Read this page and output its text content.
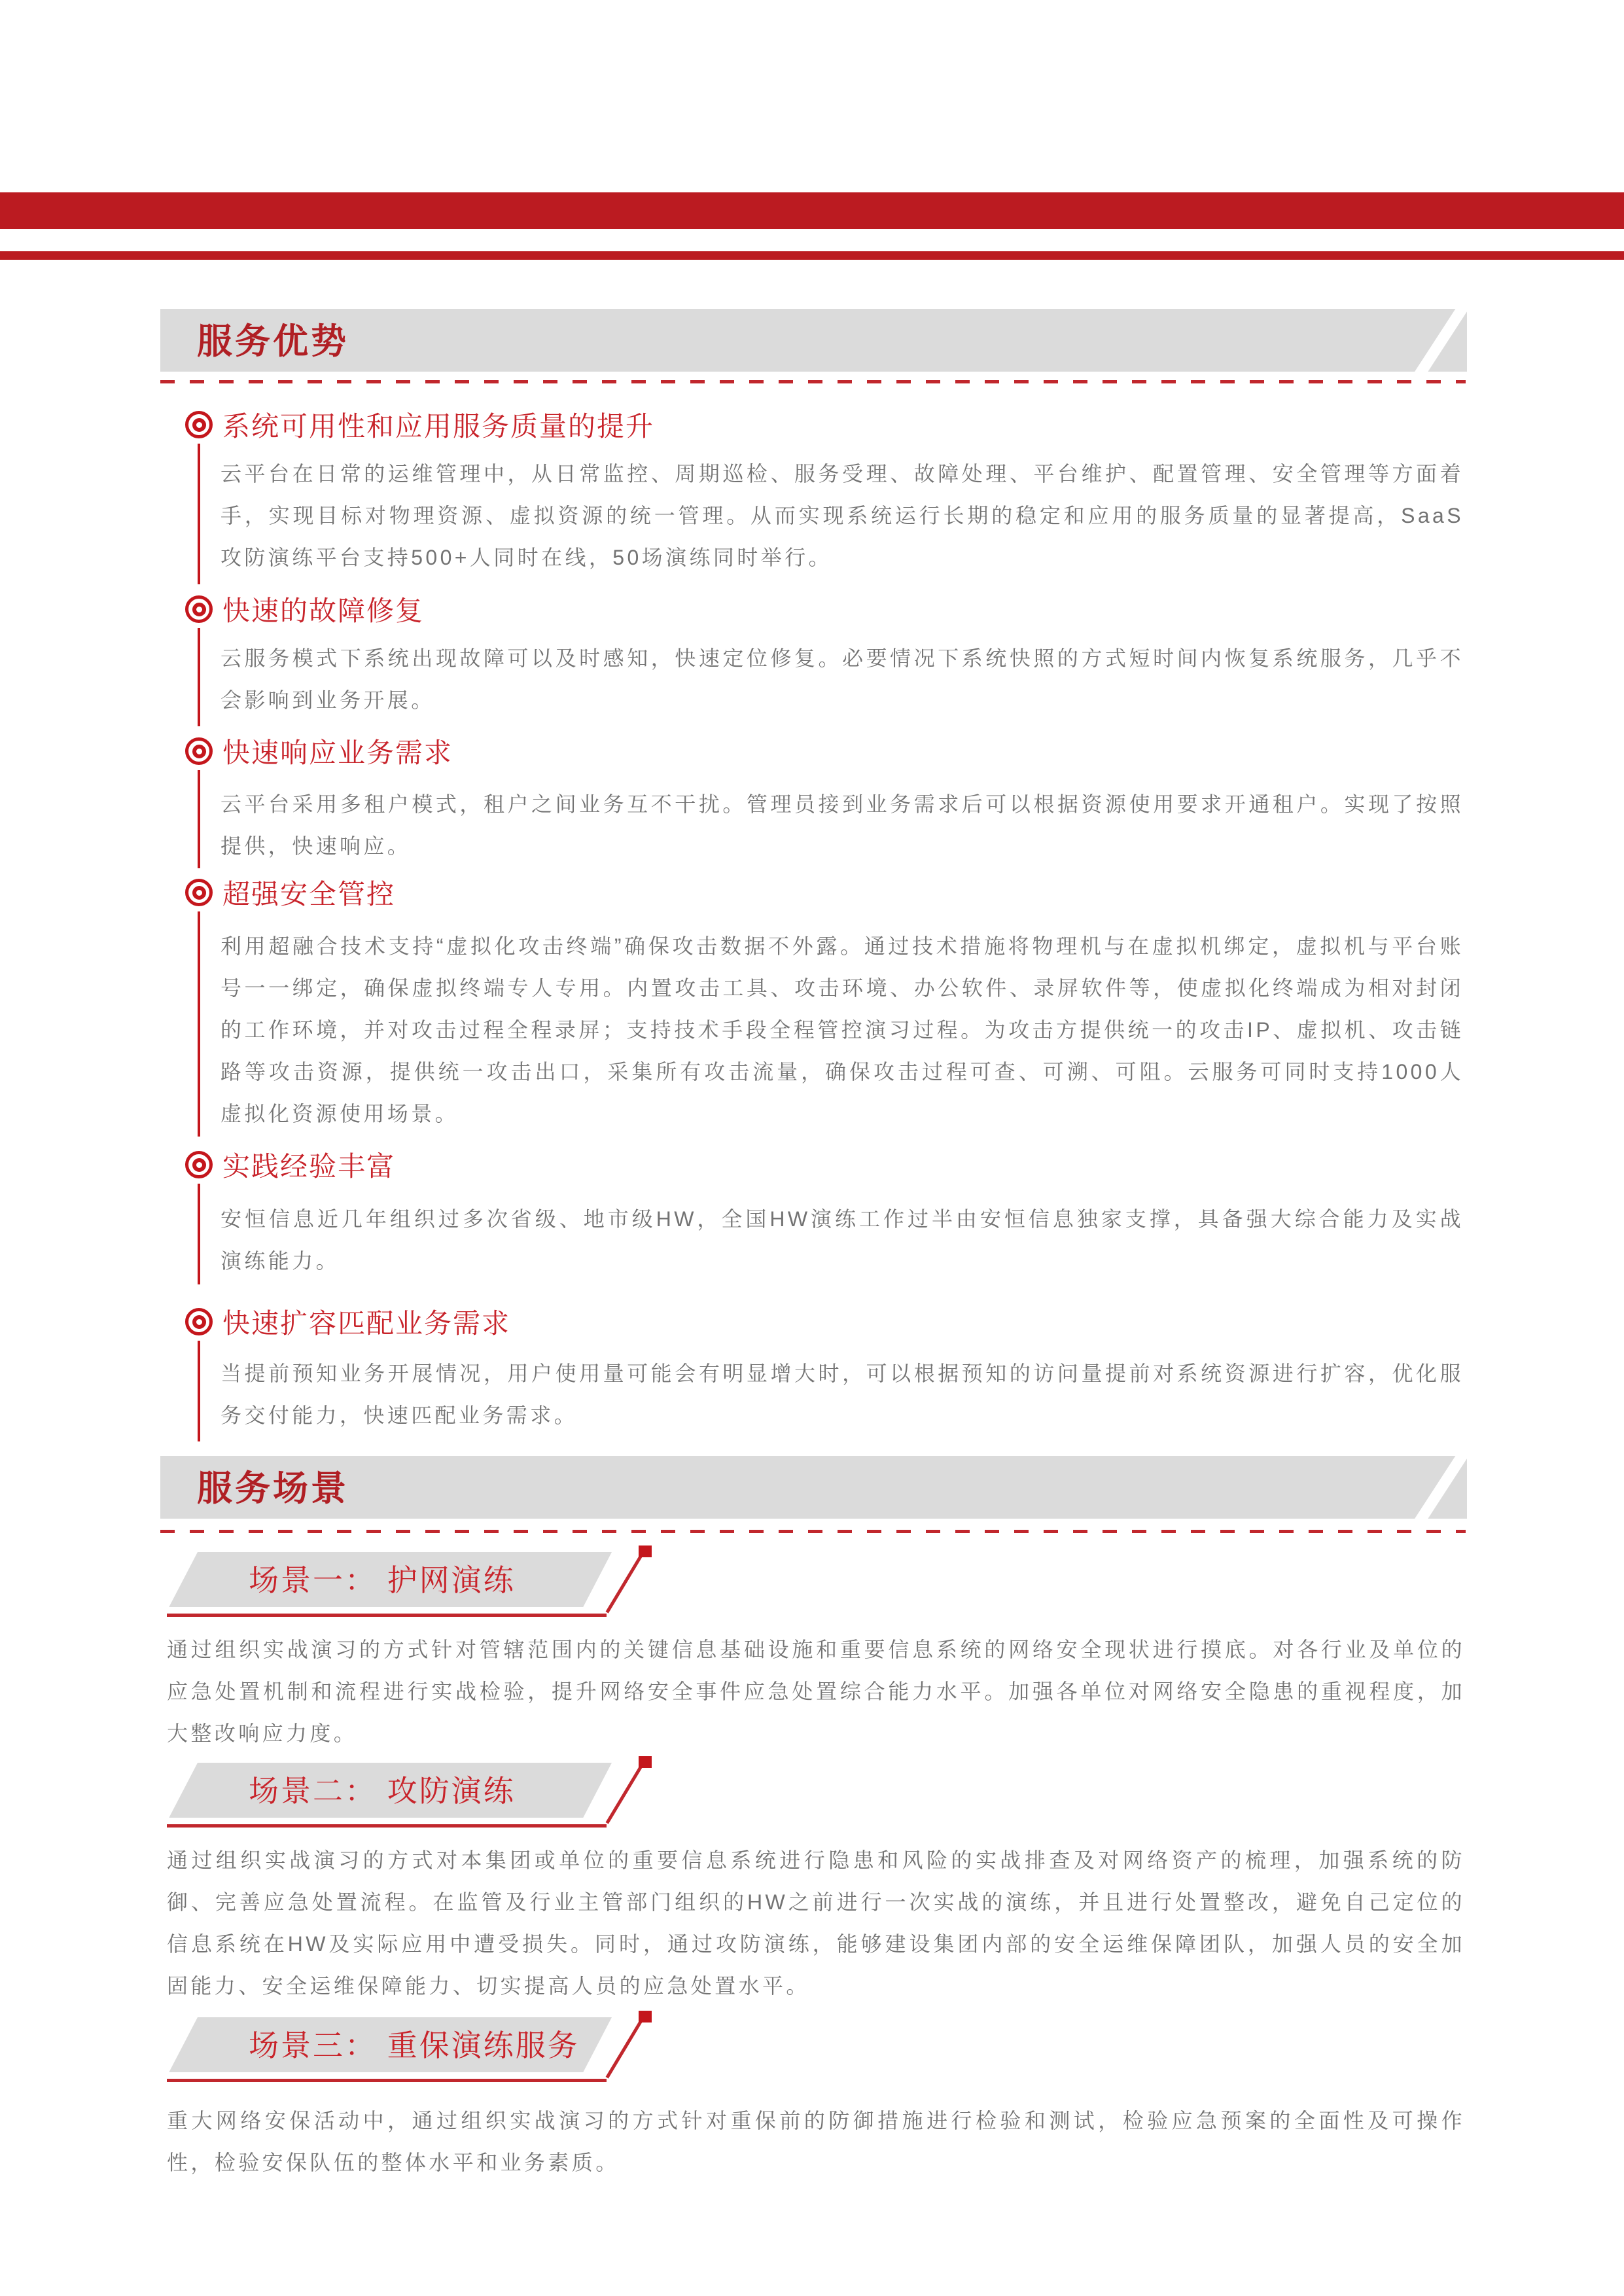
服务优势
系统可用性和应用服务质量的提升
云平台在日常的运维管理中，从日常监控、周期巡检、服务受理、故障处理、平台维护、配置管理、安全管理等方面着手，实现目标对物理资源、虚拟资源的统一管理。从而实现系统运行长期的稳定和应用的服务质量的显著提高，SaaS攻防演练平台支持500+人同时在线，50场演练同时举行。
快速的故障修复
云服务模式下系统出现故障可以及时感知，快速定位修复。必要情况下系统快照的方式短时间内恢复系统服务，几乎不会影响到业务开展。
快速响应业务需求
云平台采用多租户模式，租户之间业务互不干扰。管理员接到业务需求后可以根据资源使用要求开通租户。实现了按照提供，快速响应。
超强安全管控
利用超融合技术支持“虚拟化攻击终端”确保攻击数据不外露。通过技术措施将物理机与在虚拟机绑定，虚拟机与平台账号一一绑定，确保虚拟终端专人专用。内置攻击工具、攻击环境、办公软件、录屏软件等，使虚拟化终端成为相对封闭的工作环境，并对攻击过程全程录屏；支持技术手段全程管控演习过程。为攻击方提供统一的攻击IP、虚拟机、攻击链路等攻击资源，提供统一攻击出口，采集所有攻击流量，确保攻击过程可查、可溯、可阻。云服务可同时支持1000人虚拟化资源使用场景。
实践经验丰富
安恒信息近几年组织过多次省级、地市级HW，全国HW演练工作过半由安恒信息独家支撑，具备强大综合能力及实战演练能力。
快速扩容匹配业务需求
当提前预知业务开展情况，用户使用量可能会有明显增大时，可以根据预知的访问量提前对系统资源进行扩容，优化服务交付能力，快速匹配业务需求。
服务场景
场景一： 护网演练
通过组织实战演习的方式针对管辖范围内的关键信息基础设施和重要信息系统的网络安全现状进行摸底。对各行业及单位的应急处置机制和流程进行实战检验，提升网络安全事件应急处置综合能力水平。加强各单位对网络安全隐患的重视程度，加大整改响应力度。
场景二： 攻防演练
通过组织实战演习的方式对本集团或单位的重要信息系统进行隐患和风险的实战排查及对网络资产的梳理，加强系统的防御、完善应急处置流程。在监管及行业主管部门组织的HW之前进行一次实战的演练，并且进行处置整改，避免自己定位的信息系统在HW及实际应用中遭受损失。同时，通过攻防演练，能够建设集团内部的安全运维保障团队，加强人员的安全加固能力、安全运维保障能力、切实提高人员的应急处置水平。
场景三： 重保演练服务
重大网络安保活动中，通过组织实战演习的方式针对重保前的防御措施进行检验和测试，检验应急预案的全面性及可操作性，检验安保队伍的整体水平和业务素质。
